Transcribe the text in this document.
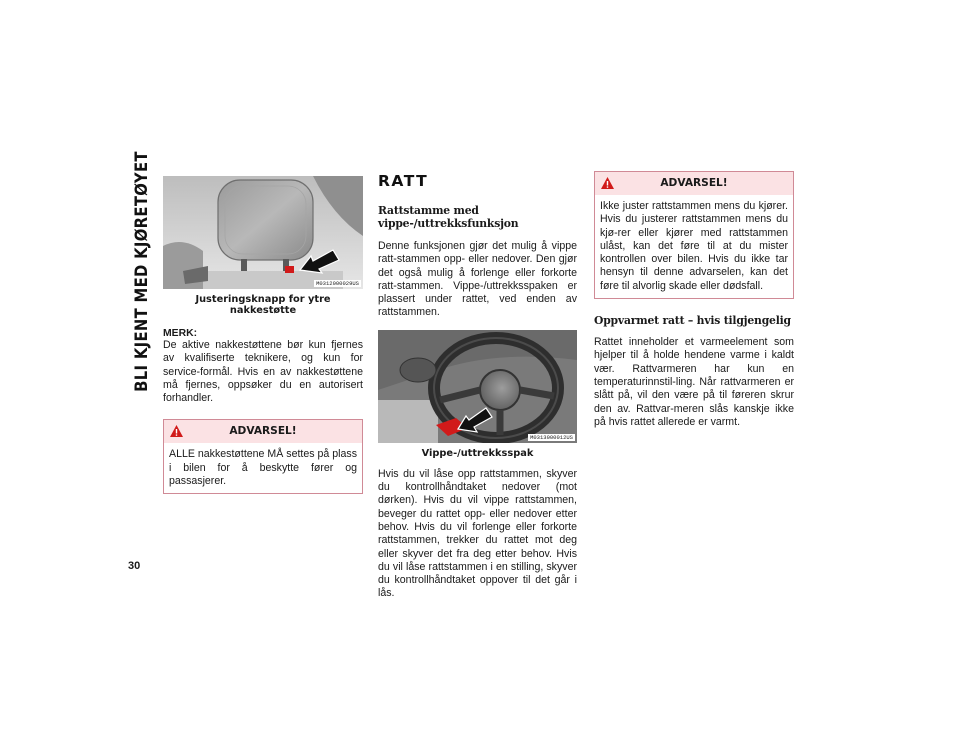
BLI KJENT MED KJØRETØYET
30
M0312000029US
Justeringsknapp for ytre nakkestøtte
MERK:
De aktive nakkestøttene bør kun fjernes av kvalifiserte teknikere, og kun for service-formål. Hvis en av nakkestøttene må fjernes, oppsøker du en autorisert forhandler.
ADVARSEL!
ALLE nakkestøttene MÅ settes på plass i bilen for å beskytte fører og passasjerer.
RATT
Rattstamme med vippe-/uttrekksfunksjon
Denne funksjonen gjør det mulig å vippe ratt-stammen opp- eller nedover. Den gjør det også mulig å forlenge eller forkorte ratt-stammen. Vippe-/uttrekksspaken er plassert under rattet, ved enden av rattstammen.
M0313000012US
Vippe-/uttrekksspak
Hvis du vil låse opp rattstammen, skyver du kontrollhåndtaket nedover (mot dørken). Hvis du vil vippe rattstammen, beveger du rattet opp- eller nedover etter behov. Hvis du vil forlenge eller forkorte rattstammen, trekker du rattet mot deg eller skyver det fra deg etter behov. Hvis du vil låse rattstammen i en stilling, skyver du kontrollhåndtaket oppover til det går i lås.
ADVARSEL!
Ikke juster rattstammen mens du kjører. Hvis du justerer rattstammen mens du kjø-rer eller kjører med rattstammen ulåst, kan det føre til at du mister kontrollen over bilen. Hvis du ikke tar hensyn til denne advarselen, kan det føre til alvorlig skade eller dødsfall.
Oppvarmet ratt – hvis tilgjengelig
Rattet inneholder et varmeelement som hjelper til å holde hendene varme i kaldt vær. Rattvarmeren har kun en temperaturinnstil-ling. Når rattvarmeren er slått på, vil den være på til føreren skrur den av. Rattvar-meren slås kanskje ikke på hvis rattet allerede er varmt.
